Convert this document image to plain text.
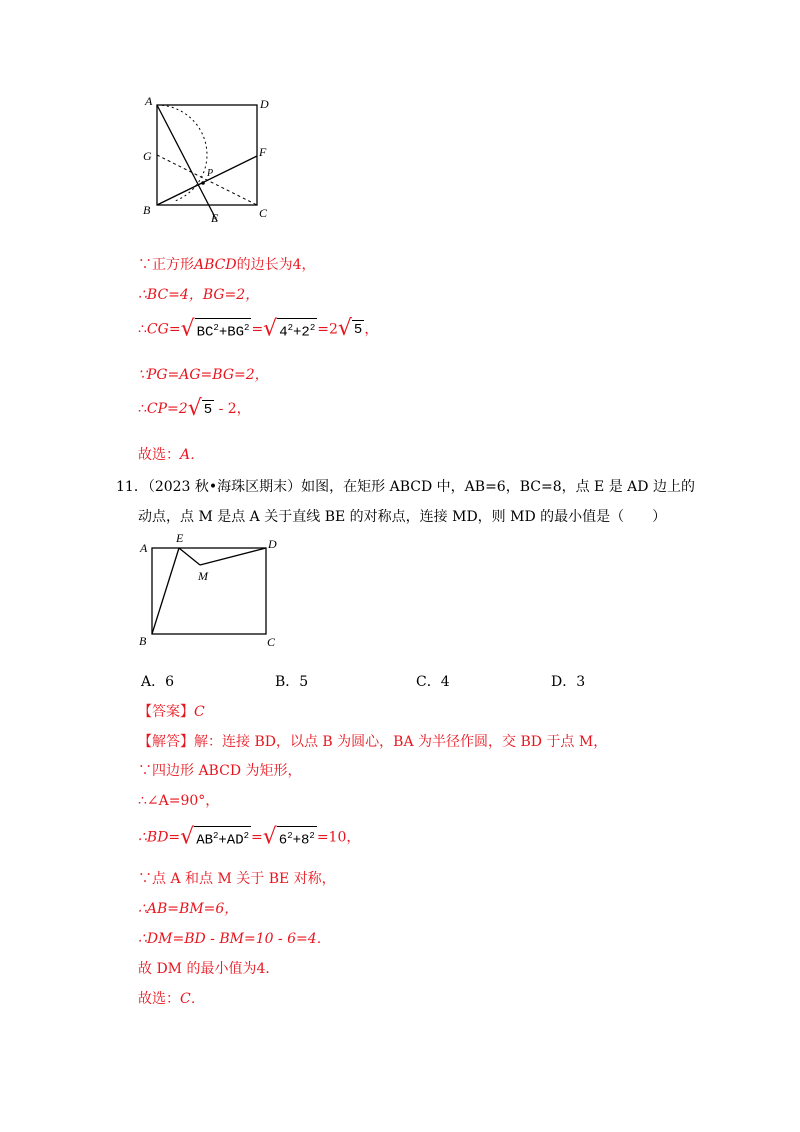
A	D
G	F
P
B
E	C
∵正方形ABCD的边长为4，
∴BC=4，BG=2，
∴CG=√ $BC^2+BG^2$ =√ $4^2+2^2 =2√$ 5 ，
∵PG=AG=BG=2，
∴CP=2√ 5 - 2，
故选：A．
11．（2023 秋•海珠区期末）如图，在矩形 ABCD 中，AB=6，BC=8，点 E 是 AD 边上的
动点，点 M 是点 A 关于直线 BE 的对称点，连接 MD，则 MD 的最小值是（　　）
A
E	D
M
B	C
A．6	B．5	C．4	D．3
【答案】C
【解答】解：连接 BD，以点 B 为圆心，BA 为半径作圆，交 BD 于点 M，
∵四边形 ABCD 为矩形，
∴∠A=90°，
∴BD=√ $AB^2+AD^2$ =√ $6^2+8^2 =10$，
∵点 A 和点 M 关于 BE 对称，
∴AB=BM=6，
∴DM=BD - BM=10 - 6=4．
故 DM 的最小值为4．
故选：C．
